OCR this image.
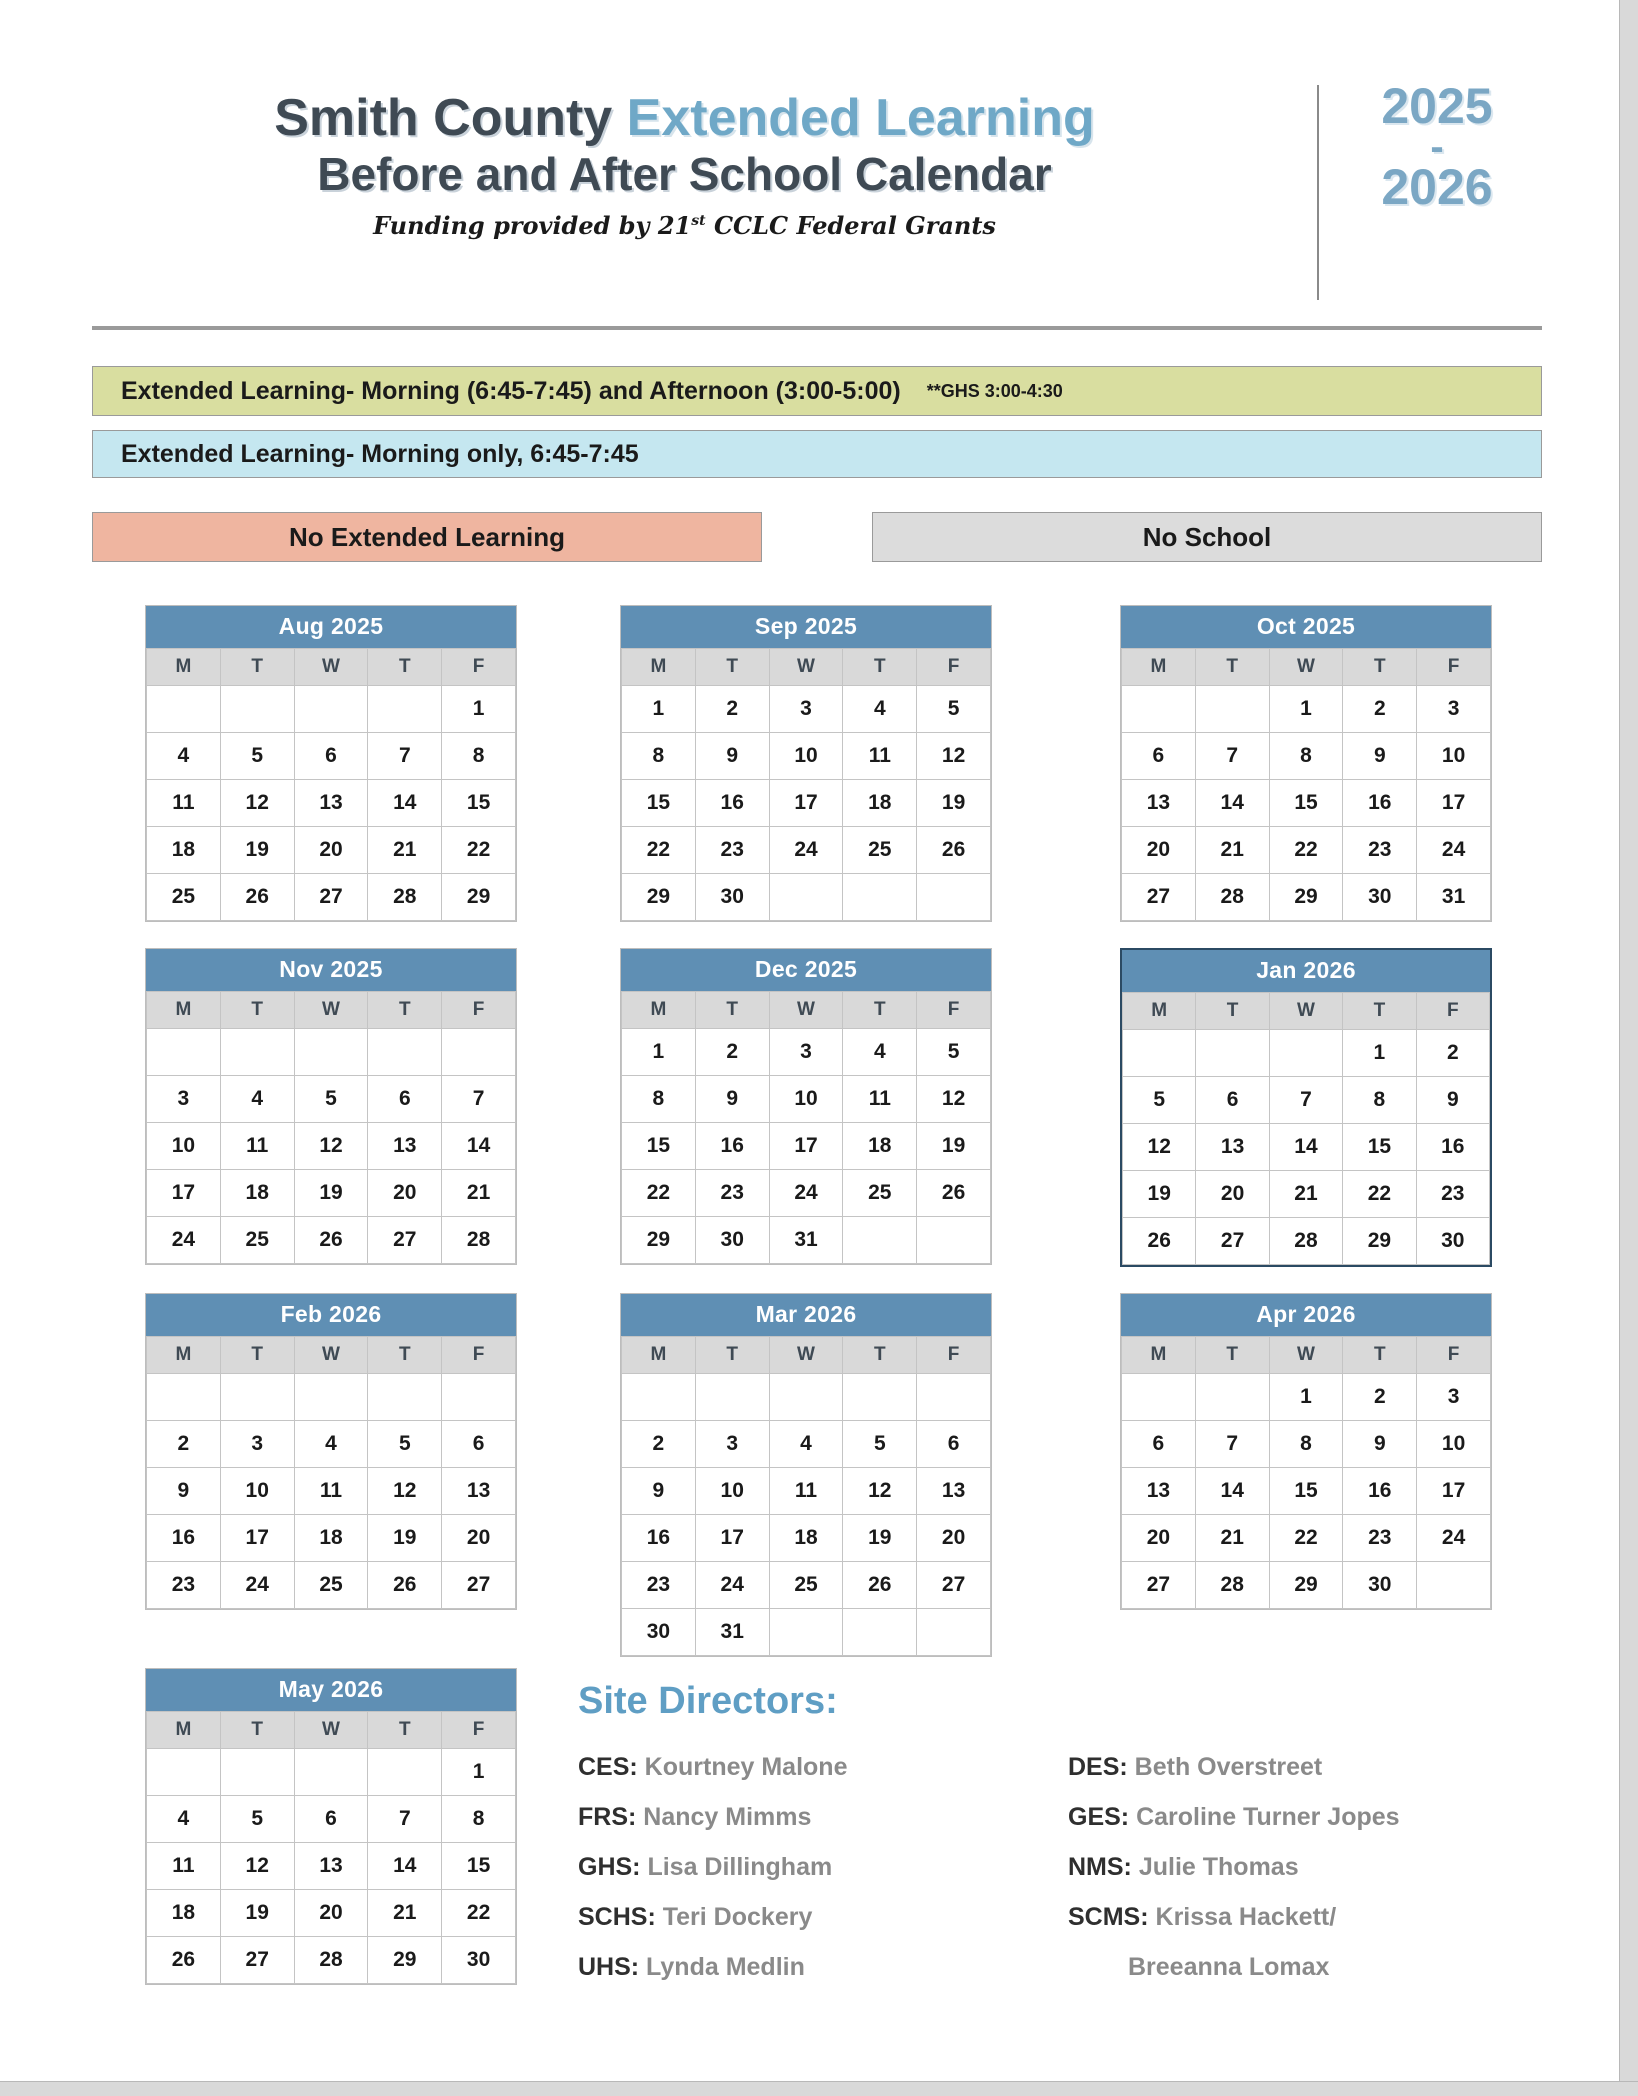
Smith County Extended Learning
Before and After School Calendar
Funding provided by 21st CCLC Federal Grants
2025
-
2026
Extended Learning- Morning (6:45-7:45) and Afternoon (3:00-5:00) **GHS 3:00-4:30
Extended Learning- Morning only, 6:45-7:45
No Extended Learning	No School
Aug 2025
M	T	W	T	F
				1
4	5	6	7	8
11	12	13	14	15
18	19	20	21	22
25	26	27	28	29
Sep 2025
M	T	W	T	F
1	2	3	4	5
8	9	10	11	12
15	16	17	18	19
22	23	24	25	26
29	30			
Oct 2025
M	T	W	T	F
		1	2	3
6	7	8	9	10
13	14	15	16	17
20	21	22	23	24
27	28	29	30	31
Nov 2025
M	T	W	T	F

3	4	5	6	7
10	11	12	13	14
17	18	19	20	21
24	25	26	27	28
Dec 2025
M	T	W	T	F
1	2	3	4	5
8	9	10	11	12
15	16	17	18	19
22	23	24	25	26
29	30	31		
Jan 2026
M	T	W	T	F
			1	2
5	6	7	8	9
12	13	14	15	16
19	20	21	22	23
26	27	28	29	30
Feb 2026
M	T	W	T	F

2	3	4	5	6
9	10	11	12	13
16	17	18	19	20
23	24	25	26	27
Mar 2026
M	T	W	T	F

2	3	4	5	6
9	10	11	12	13
16	17	18	19	20
23	24	25	26	27
30	31			
Apr 2026
M	T	W	T	F
		1	2	3
6	7	8	9	10
13	14	15	16	17
20	21	22	23	24
27	28	29	30	
May 2026
M	T	W	T	F
				1
4	5	6	7	8
11	12	13	14	15
18	19	20	21	22
26	27	28	29	30
Site Directors:
CES: Kourtney Malone
FRS: Nancy Mimms
GHS: Lisa Dillingham
SCHS: Teri Dockery
UHS: Lynda Medlin
DES: Beth Overstreet
GES: Caroline Turner Jopes
NMS: Julie Thomas
SCMS: Krissa Hackett/
Breeanna Lomax
